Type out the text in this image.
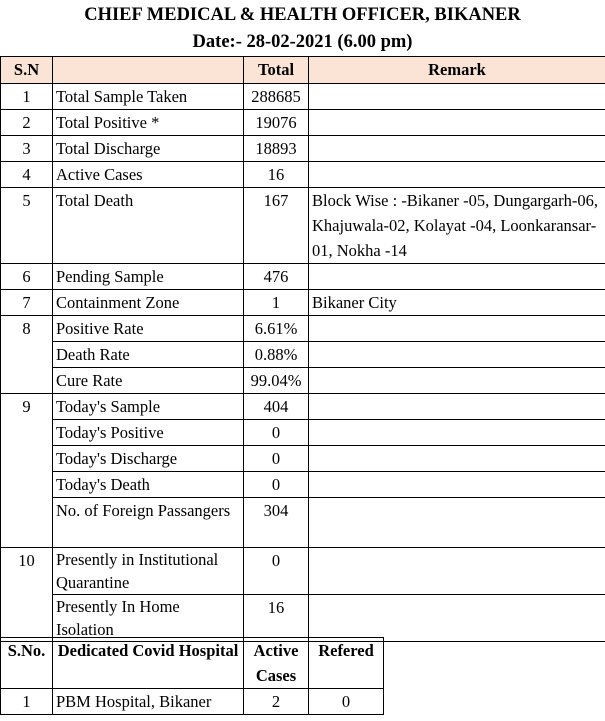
CHIEF MEDICAL & HEALTH OFFICER, BIKANER
Date:- 28-02-2021 (6.00 pm)
S.N		Total	Remark
1	Total Sample Taken	288685	
2	Total Positive *	19076	
3	Total Discharge	18893	
4	Active Cases	16	
5	Total Death	167	Block Wise : -Bikaner -05, Dungargarh-06, Khajuwala-02, Kolayat -04, Loonkaransar-01, Nokha -14
6	Pending Sample	476	
7	Containment Zone	1	Bikaner City
8	Positive Rate	6.61%	
	Death Rate	0.88%	
	Cure Rate	99.04%	
9	Today's Sample	404	
	Today's Positive	0	
	Today's Discharge	0	
	Today's Death	0	
	No. of Foreign Passangers	304	
10	Presently in Institutional Quarantine	0	
	Presently In Home Isolation	16	
S.No.	Dedicated Covid Hospital	Active Cases	Refered
1	PBM Hospital, Bikaner	2	0
